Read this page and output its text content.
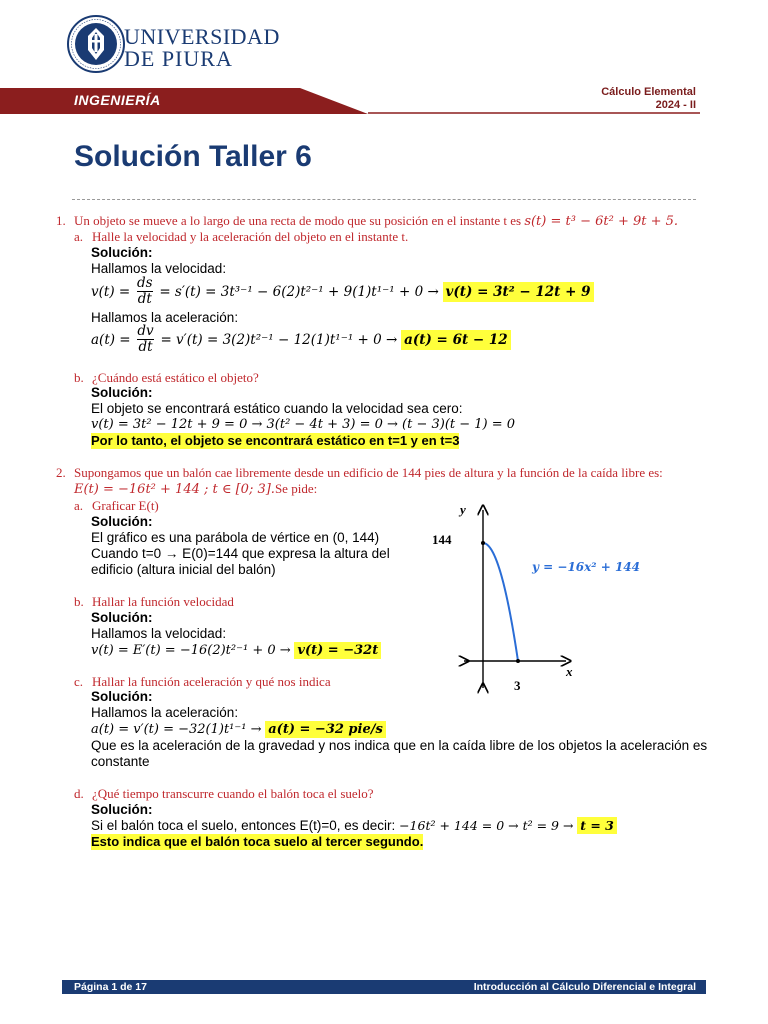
UNIVERSIDAD
DE PIURA
INGENIERÍA	Cálculo Elemental
2024 - II
Solución Taller 6
1. Un objeto se mueve a lo largo de una recta de modo que su posición en el instante t es s(t) = t³ − 6t² + 9t + 5.
a. Halle la velocidad y la aceleración del objeto en el instante t.
Solución:
Hallamos la velocidad:
$v(t) = \frac{ds}{dt} = s'(t) = 3t^{3-1} - 6(2)t^{2-1} + 9(1)t^{1-1} + 0 \to v(t) = 3t^2 - 12t + 9$
Hallamos la aceleración:
$a(t) = \frac{dv}{dt} = v'(t) = 3(2)t^{2-1} - 12(1)t^{1-1} + 0 \to a(t) = 6t - 12$
b. ¿Cuándo está estático el objeto?
Solución:
El objeto se encontrará estático cuando la velocidad sea cero:
v(t) = 3t² − 12t + 9 = 0 → 3(t² − 4t + 3) = 0 → (t − 3)(t − 1) = 0
Por lo tanto, el objeto se encontrará estático en t=1 y en t=3
2. Supongamos que un balón cae libremente desde un edificio de 144 pies de altura y la función de la caída libre es:
E(t) = −16t² + 144 ; t ∈ [0; 3].Se pide:
a. Graficar E(t)
Solución:
El gráfico es una parábola de vértice en (0, 144)
Cuando t=0 → E(0)=144 que expresa la altura del
edificio (altura inicial del balón)
y
x
144
3
y = −16x² + 144
b. Hallar la función velocidad
Solución:
Hallamos la velocidad:
v(t) = E′(t) = −16(2)t²⁻¹ + 0 → v(t) = −32t
c. Hallar la función aceleración y qué nos indica
Solución:
Hallamos la aceleración:
a(t) = v′(t) = −32(1)t¹⁻¹ → a(t) = −32 pie/s
Que es la aceleración de la gravedad y nos indica que en la caída libre de los objetos la aceleración es
constante
d. ¿Qué tiempo transcurre cuando el balón toca el suelo?
Solución:
Si el balón toca el suelo, entonces E(t)=0, es decir: −16t² + 144 = 0 → t² = 9 → t = 3
Esto indica que el balón toca suelo al tercer segundo.
Página 1 de 17	Introducción al Cálculo Diferencial e Integral
